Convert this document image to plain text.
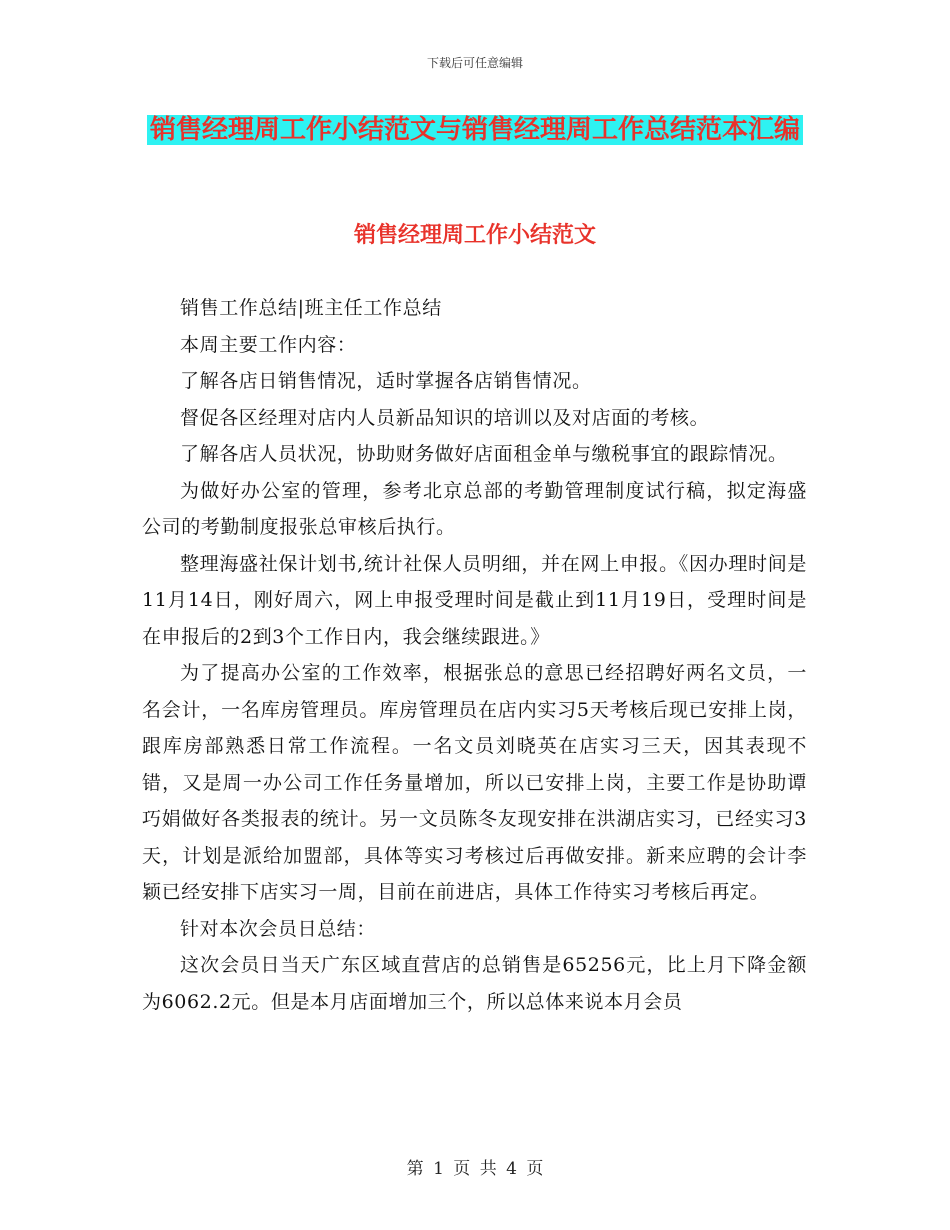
下载后可任意编辑
销售经理周工作小结范文与销售经理周工作总结范本汇编
销售经理周工作小结范文

销售工作总结|班主任工作总结

本周主要工作内容：

了解各店日销售情况，适时掌握各店销售情况。

督促各区经理对店内人员新品知识的培训以及对店面的考核。

了解各店人员状况，协助财务做好店面租金单与缴税事宜的跟踪情况。

为做好办公室的管理，参考北京总部的考勤管理制度试行稿，拟定海盛公司的考勤制度报张总审核后执行。

整理海盛社保计划书,统计社保人员明细，并在网上申报。《因办理时间是11月14日，刚好周六，网上申报受理时间是截止到11月19日，受理时间是在申报后的2到3个工作日内，我会继续跟进。》

为了提高办公室的工作效率，根据张总的意思已经招聘好两名文员，一名会计，一名库房管理员。库房管理员在店内实习5天考核后现已安排上岗，跟库房部熟悉日常工作流程。一名文员刘晓英在店实习三天，因其表现不错，又是周一办公司工作任务量增加，所以已安排上岗，主要工作是协助谭巧娟做好各类报表的统计。另一文员陈冬友现安排在洪湖店实习，已经实习3天，计划是派给加盟部，具体等实习考核过后再做安排。新来应聘的会计李颖已经安排下店实习一周，目前在前进店，具体工作待实习考核后再定。

针对本次会员日总结：

这次会员日当天广东区域直营店的总销售是65256元，比上月下降金额为6062.2元。但是本月店面增加三个，所以总体来说本月会员

第 1 页 共 4 页
